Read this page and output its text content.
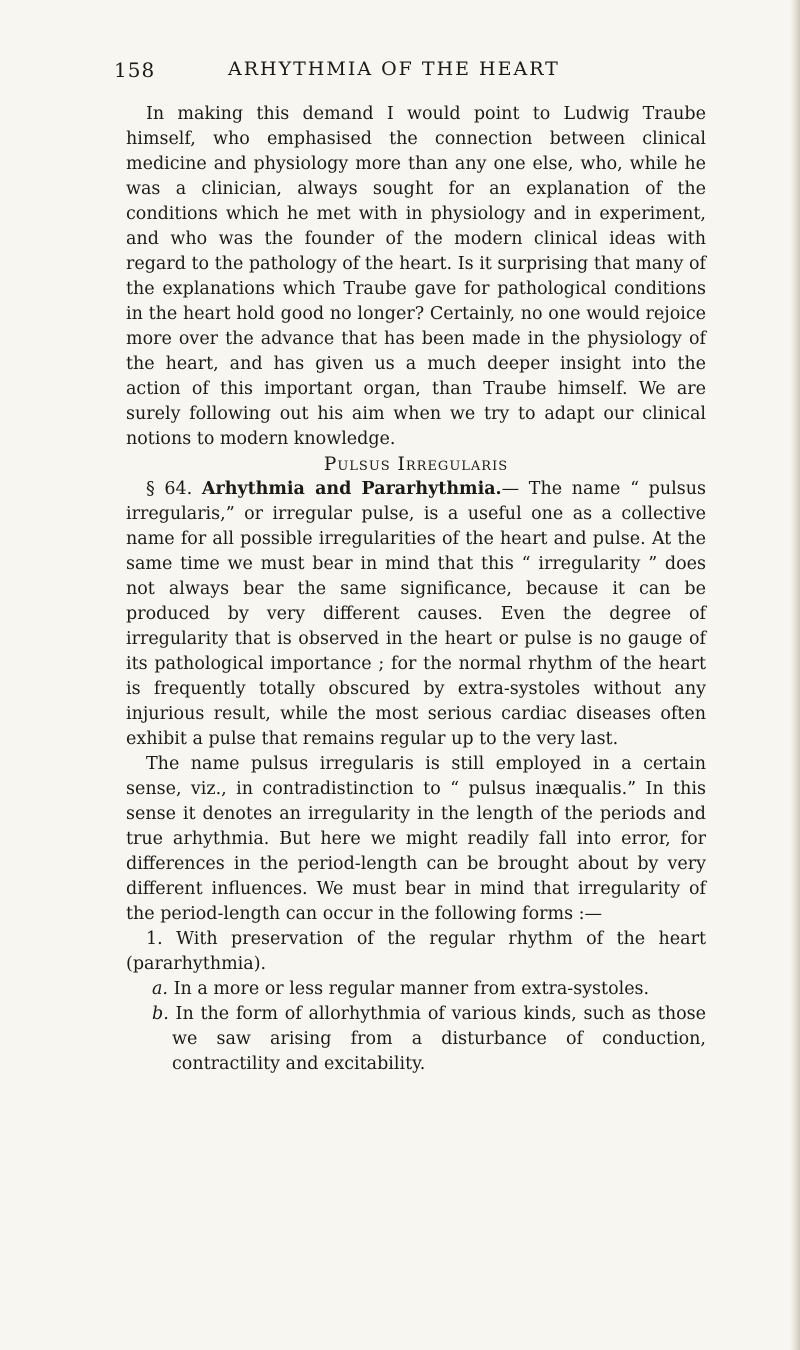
158	ARHYTHMIA OF THE HEART

In making this demand I would point to Ludwig Traube himself, who emphasised the connection between clinical medicine and physiology more than any one else, who, while he was a clinician, always sought for an explanation of the conditions which he met with in physiology and in experiment, and who was the founder of the modern clinical ideas with regard to the pathology of the heart. Is it surprising that many of the explanations which Traube gave for pathological conditions in the heart hold good no longer? Certainly, no one would rejoice more over the advance that has been made in the physiology of the heart, and has given us a much deeper insight into the action of this important organ, than Traube himself. We are surely following out his aim when we try to adapt our clinical notions to modern knowledge.

Pulsus Irregularis

§ 64. Arhythmia and Pararhythmia.— The name “ pulsus irregularis,” or irregular pulse, is a useful one as a collective name for all possible irregularities of the heart and pulse. At the same time we must bear in mind that this “ irregularity ” does not always bear the same significance, because it can be produced by very different causes. Even the degree of irregularity that is observed in the heart or pulse is no gauge of its pathological importance ; for the normal rhythm of the heart is frequently totally obscured by extra-systoles without any injurious result, while the most serious cardiac diseases often exhibit a pulse that remains regular up to the very last.

The name pulsus irregularis is still employed in a certain sense, viz., in contradistinction to “ pulsus inæqualis.” In this sense it denotes an irregularity in the length of the periods and true arhythmia. But here we might readily fall into error, for differences in the period-length can be brought about by very different influences. We must bear in mind that irregularity of the period-length can occur in the following forms :—

1. With preservation of the regular rhythm of the heart (pararhythmia).

a. In a more or less regular manner from extra-systoles.

b. In the form of allorhythmia of various kinds, such as those we saw arising from a disturbance of conduction, contractility and excitability.
